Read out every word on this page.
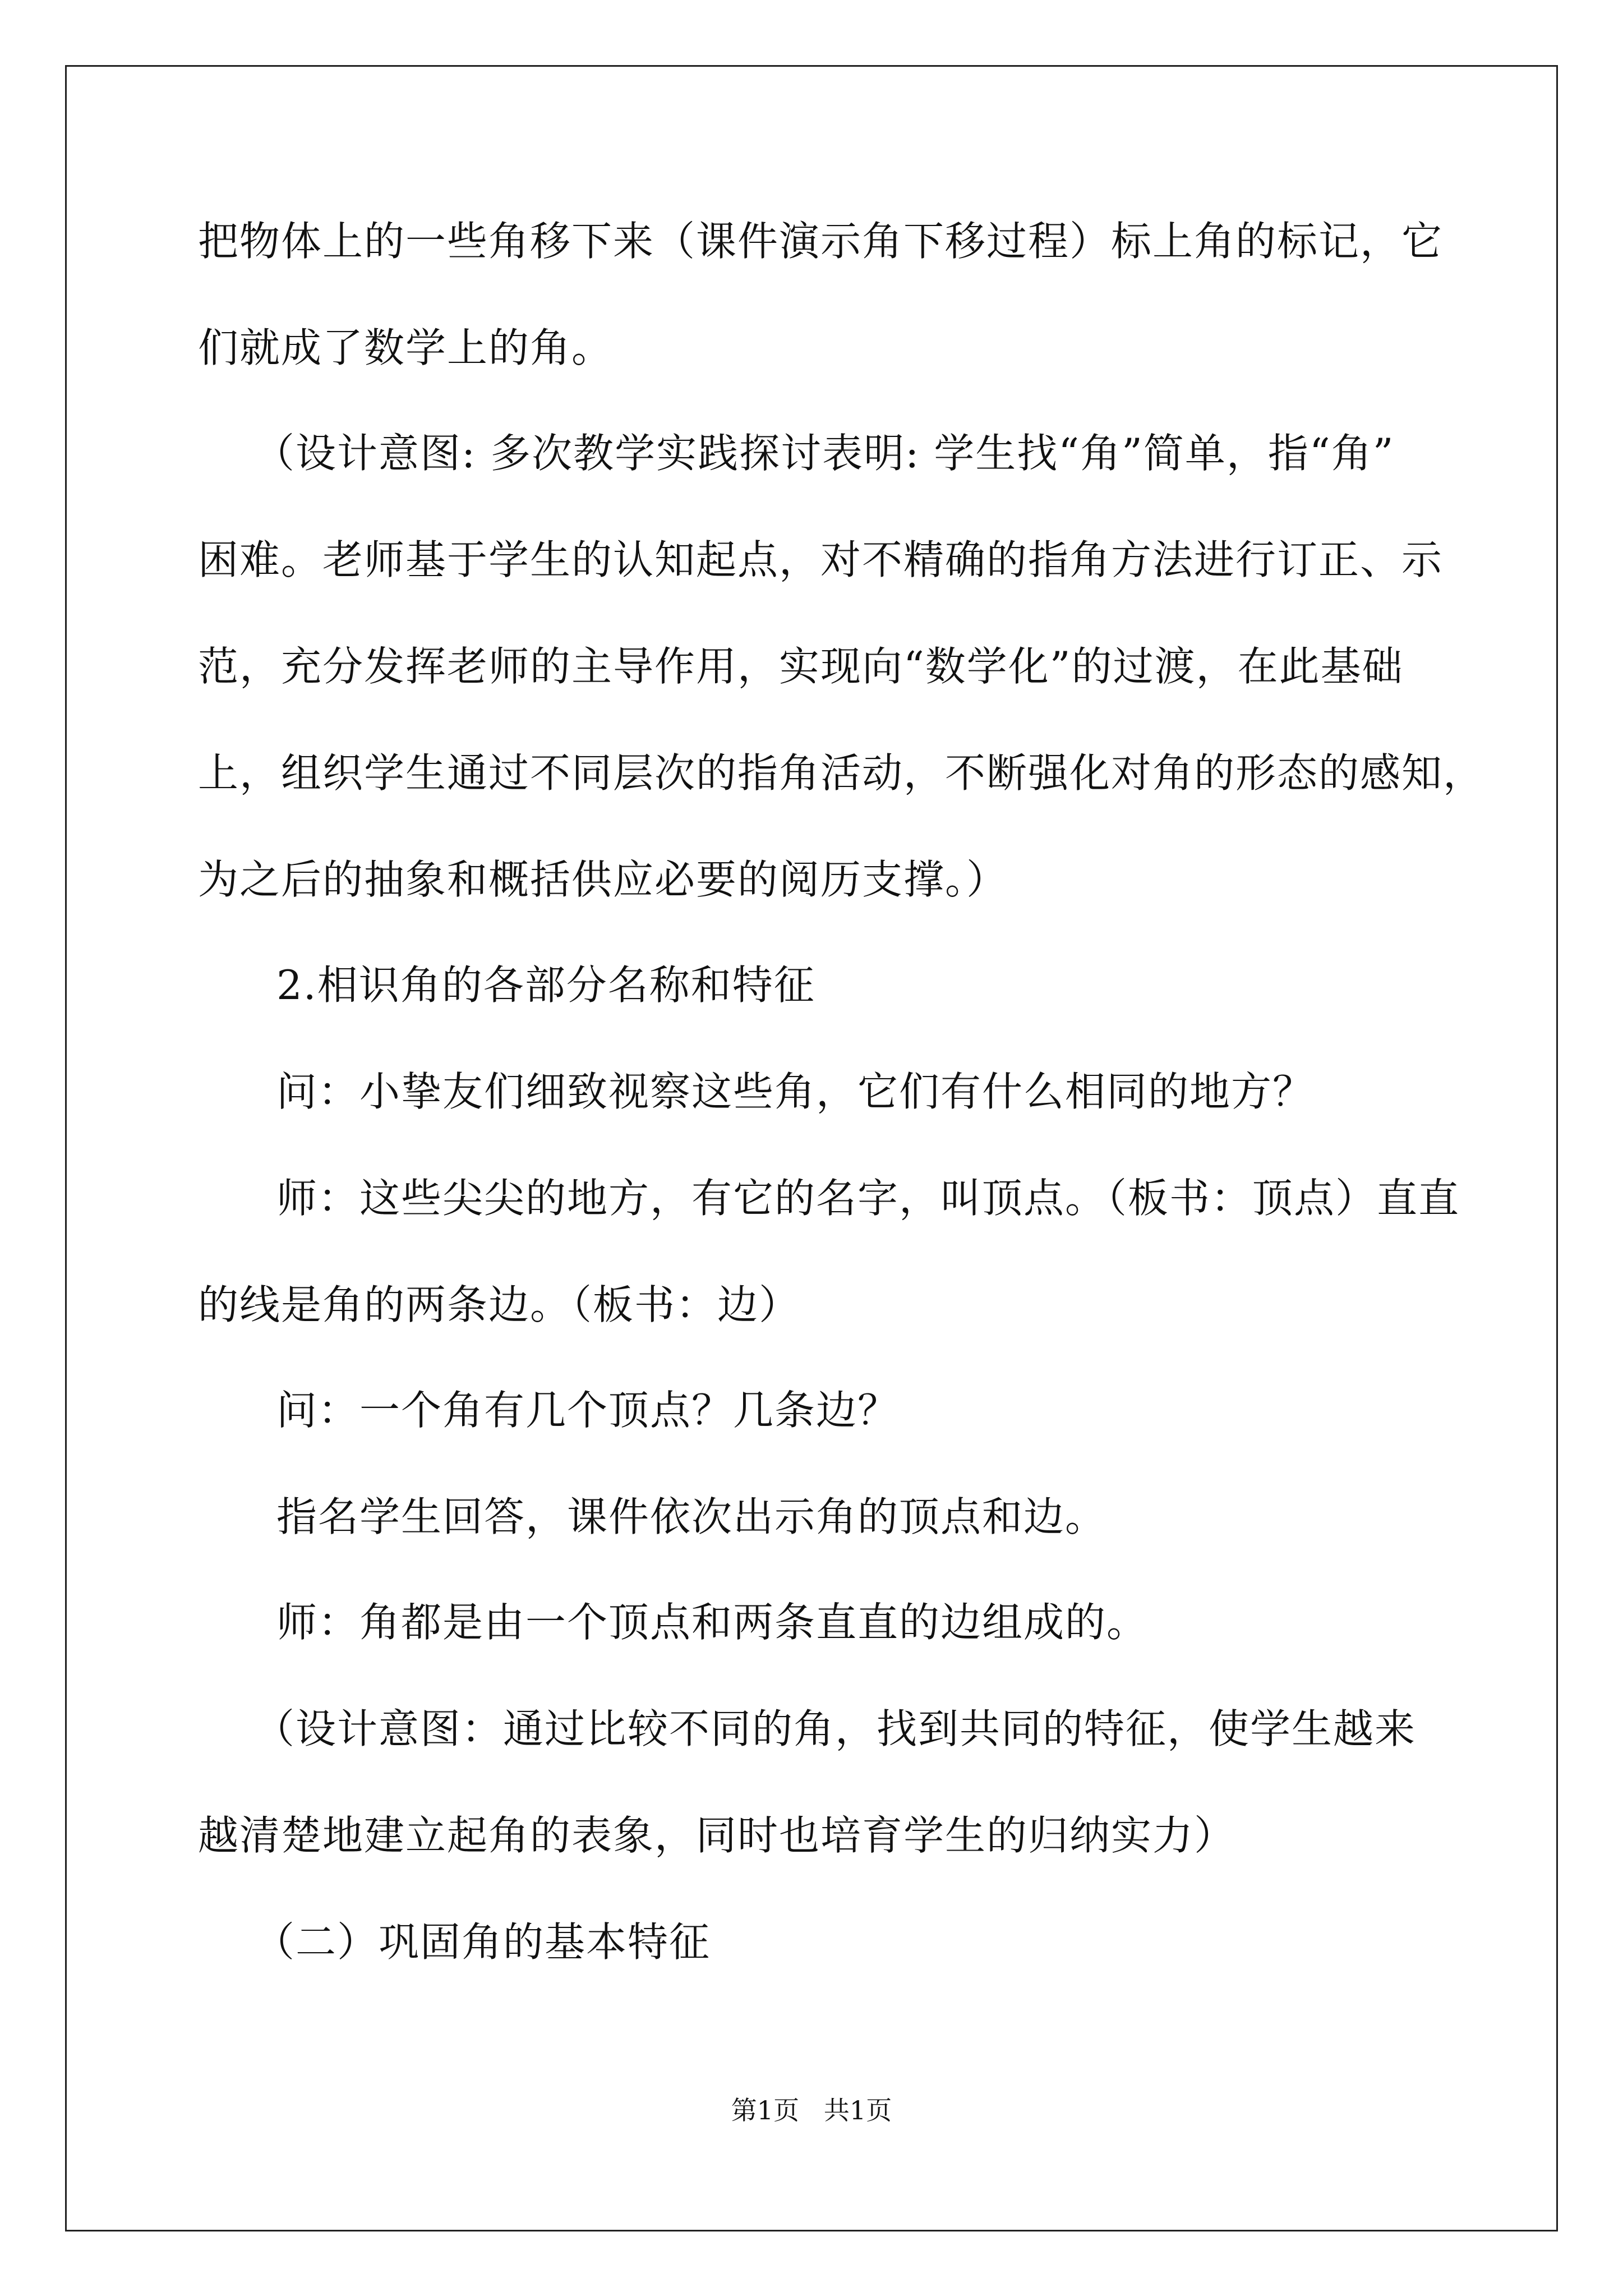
把物体上的一些角移下来（课件演示角下移过程）标上角的标记，它
们就成了数学上的角。
（设计意图: 多次教学实践探讨表明: 学生找“角”简单，指“角”
困难。老师基于学生的认知起点，对不精确的指角方法进行订正、示
范，充分发挥老师的主导作用，实现向“数学化”的过渡，在此基础
上，组织学生通过不同层次的指角活动，不断强化对角的形态的感知，
为之后的抽象和概括供应必要的阅历支撑。）
2.相识角的各部分名称和特征
问：小挚友们细致视察这些角，它们有什么相同的地方？
师：这些尖尖的地方，有它的名字，叫顶点。（板书：顶点）直直
的线是角的两条边。（板书：边）
问：一个角有几个顶点？几条边？
指名学生回答，课件依次出示角的顶点和边。
师：角都是由一个顶点和两条直直的边组成的。
（设计意图：通过比较不同的角，找到共同的特征，使学生越来
越清楚地建立起角的表象，同时也培育学生的归纳实力）
（二）巩固角的基本特征
第1页   共1页
